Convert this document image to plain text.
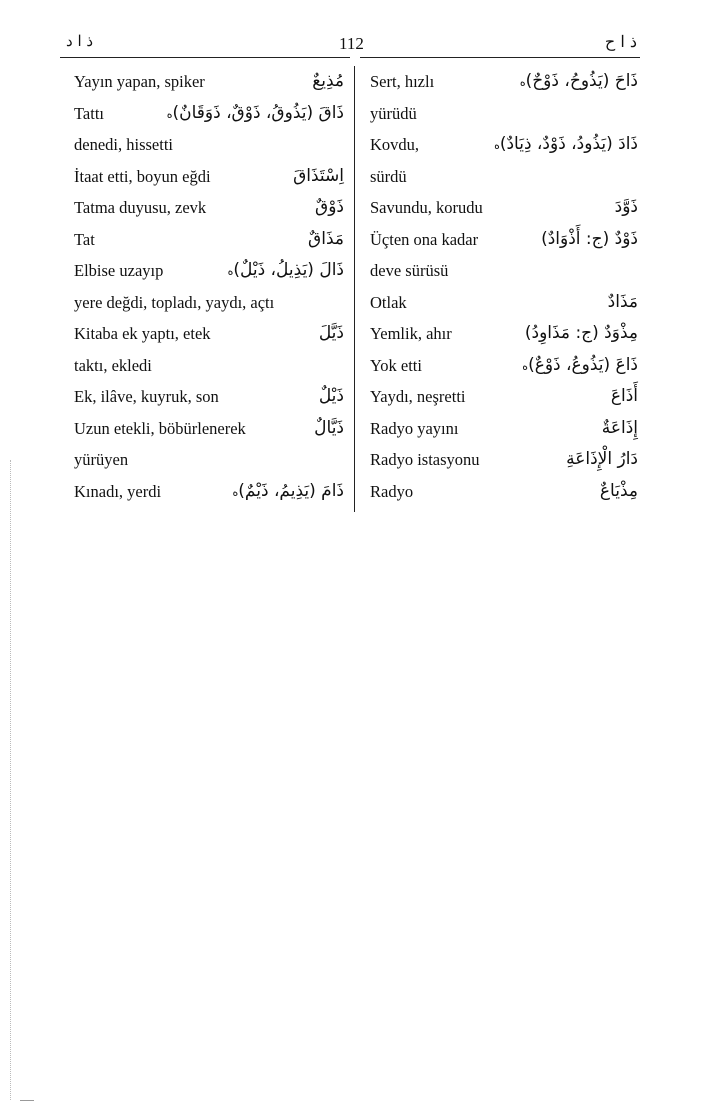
ذ ا د	112	ذ ا ح
Yayın yapan, spiker	مُذِيعٌ
Tattı	ذَاقَ (يَذُوقُ، ذَوْقٌ، ذَوَقَانٌ)ه
denedi, hissetti
İtaat etti, boyun eğdi	اِسْتَذَاقَ
Tatma duyusu, zevk	ذَوْقٌ
Tat	مَذَاقٌ
Elbise uzayıp	ذَالَ (يَذِيلُ، ذَيْلٌ)ه
yere değdi, topladı, yaydı, açtı
Kitaba ek yaptı, etek	ذَيَّلَ
taktı, ekledi
Ek, ilâve, kuyruk, son	ذَيْلٌ
Uzun etekli, böbürlenerek	ذَيَّالٌ
yürüyen
Kınadı, yerdi	ذَامَ (يَذِيمُ، ذَيْمٌ)ه
Sert, hızlı	ذَاحَ (يَذُوحُ، ذَوْحٌ)ه
yürüdü
Kovdu,	ذَادَ (يَذُودُ، ذَوْدٌ، ذِيَادٌ)ه
sürdü
Savundu, korudu	ذَوَّدَ
Üçten ona kadar	ذَوْدٌ (ج: أَذْوَادٌ)
deve sürüsü
Otlak	مَذَادٌ
Yemlik, ahır	مِذْوَدٌ (ج: مَذَاوِدُ)
Yok etti	ذَاعَ (يَذُوعُ، ذَوْعٌ)ه
Yaydı, neşretti	أَذَاعَ
Radyo yayını	إِذَاعَةٌ
Radyo istasyonu	دَارُ الْإِذَاعَةِ
Radyo	مِذْيَاعٌ
